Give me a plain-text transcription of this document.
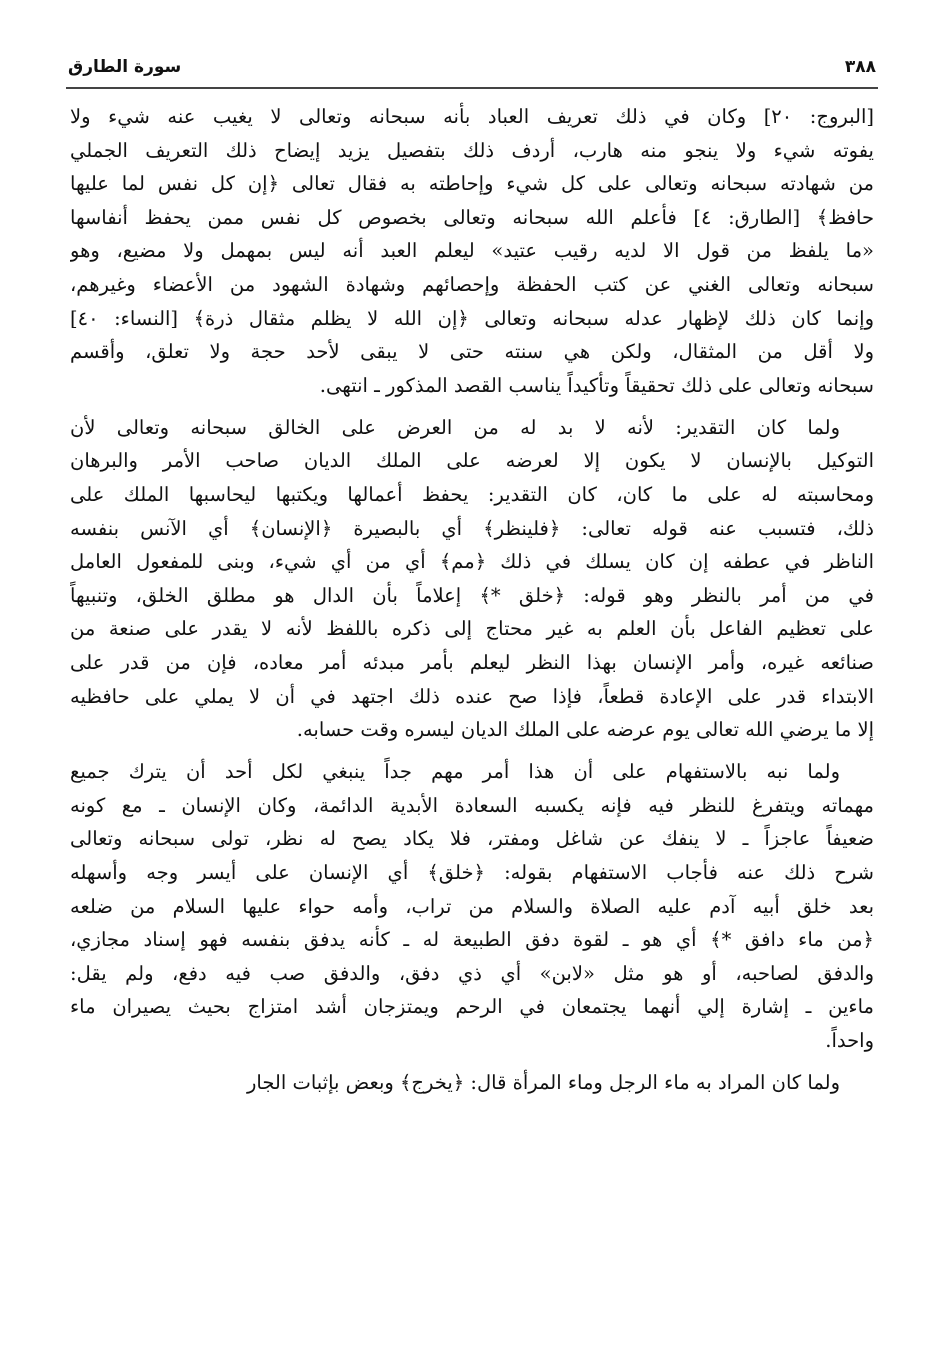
٣٨٨
سورة الطارق
[البروج: ٢٠] وكان في ذلك تعريف العباد بأنه سبحانه وتعالى لا يغيب عنه شيء ولا
يفوته شيء ولا ينجو منه هارب، أردف ذلك بتفصيل يزيد إيضاح ذلك التعريف الجملي
من شهادته سبحانه وتعالى على كل شيء وإحاطته به فقال تعالى ﴿إن كل نفس لما عليها
حافظ﴾ [الطارق: ٤] فأعلم الله سبحانه وتعالى بخصوص كل نفس ممن يحفظ أنفاسها
«ما يلفظ من قول الا لديه رقيب عتيد» ليعلم العبد أنه ليس بمهمل ولا مضيع، وهو
سبحانه وتعالى الغني عن كتب الحفظة وإحصائهم وشهادة الشهود من الأعضاء وغيرهم،
وإنما كان ذلك لإظهار عدله سبحانه وتعالى ﴿إن الله لا يظلم مثقال ذرة﴾ [النساء: ٤٠]
ولا أقل من المثقال، ولكن هي سنته حتى لا يبقى لأحد حجة ولا تعلق، وأقسم
سبحانه وتعالى على ذلك تحقيقاً وتأكيداً يناسب القصد المذكور ـ انتهى.
ولما كان التقدير: لأنه لا بد له من العرض على الخالق سبحانه وتعالى لأن
التوكيل بالإنسان لا يكون إلا لعرضه على الملك الديان صاحب الأمر والبرهان
ومحاسبته له على ما كان، كان التقدير: يحفظ أعمالها ويكتبها ليحاسبها الملك على
ذلك، فتسبب عنه قوله تعالى: ﴿فلينظر﴾ أي بالبصيرة ﴿الإنسان﴾ أي الآنس بنفسه
الناظر في عطفه إن كان يسلك في ذلك ﴿مم﴾ أي من أي شيء، وبنى للمفعول العامل
في من أمر بالنظر وهو قوله: ﴿خلق *﴾ إعلاماً بأن الدال هو مطلق الخلق، وتنبيهاً
على تعظيم الفاعل بأن العلم به غير محتاج إلى ذكره باللفظ لأنه لا يقدر على صنعة من
صنائعه غيره، وأمر الإنسان بهذا النظر ليعلم بأمر مبدئه أمر معاده، فإن من قدر على
الابتداء قدر على الإعادة قطعاً، فإذا صح عنده ذلك اجتهد في أن لا يملي على حافظيه
إلا ما يرضي الله تعالى يوم عرضه على الملك الديان ليسره وقت حسابه.
ولما نبه بالاستفهام على أن هذا أمر مهم جداً ينبغي لكل أحد أن يترك جميع
مهماته ويتفرغ للنظر فيه فإنه يكسبه السعادة الأبدية الدائمة، وكان الإنسان ـ مع كونه
ضعيفاً عاجزاً ـ لا ينفك عن شاغل ومفتر، فلا يكاد يصح له نظر، تولى سبحانه وتعالى
شرح ذلك عنه فأجاب الاستفهام بقوله: ﴿خلق﴾ أي الإنسان على أيسر وجه وأسهله
بعد خلق أبيه آدم عليه الصلاة والسلام من تراب، وأمه حواء عليها السلام من ضلعه
﴿من ماء دافق *﴾ أي هو ـ لقوة دفق الطبيعة له ـ كأنه يدفق بنفسه فهو إسناد مجازي،
والدفق لصاحبه، أو هو مثل «لابن» أي ذي دفق، والدفق صب فيه دفع، ولم يقل:
ماءين ـ إشارة إلي أنهما يجتمعان في الرحم ويمتزجان أشد امتزاج بحيث يصيران ماء
واحداً.
ولما كان المراد به ماء الرجل وماء المرأة قال: ﴿يخرج﴾ وبعض بإثبات الجار
